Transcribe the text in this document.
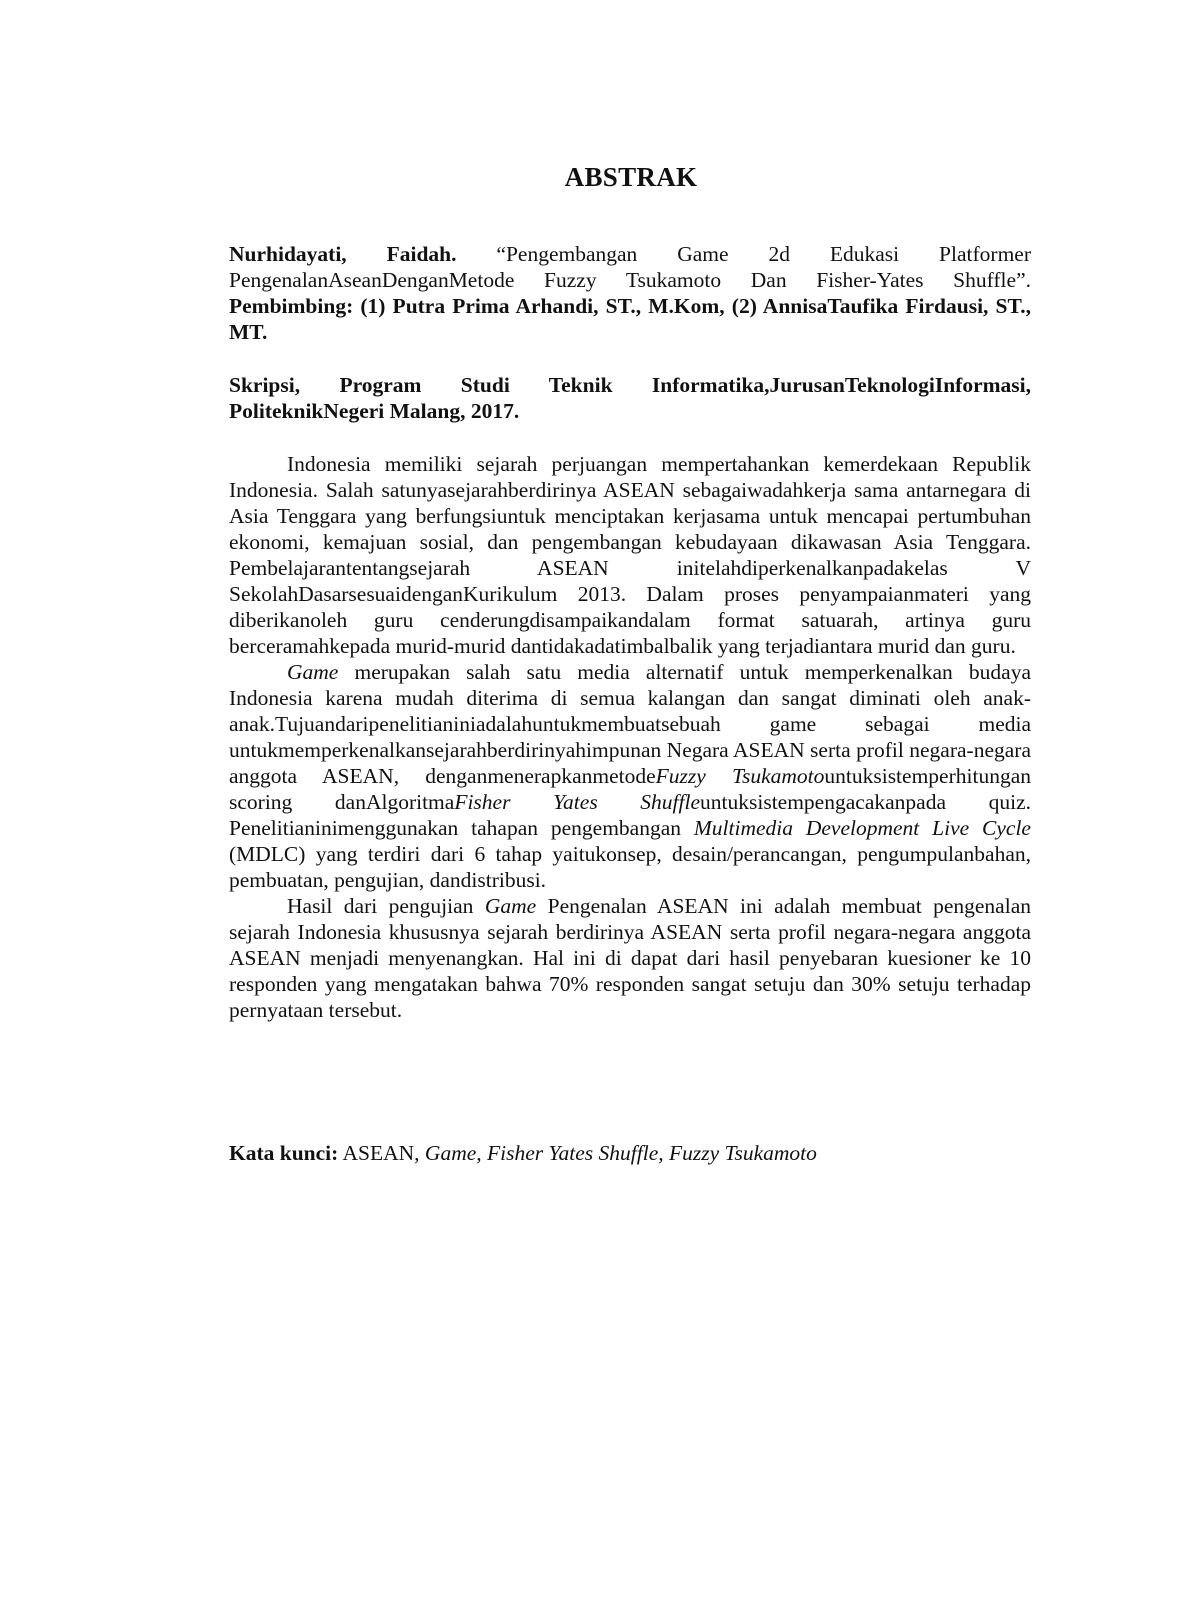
ABSTRAK

Nurhidayati, Faidah. “Pengembangan Game 2d Edukasi Platformer PengenalanAseanDenganMetode Fuzzy Tsukamoto Dan Fisher-Yates Shuffle”. Pembimbing: (1) Putra Prima Arhandi, ST., M.Kom, (2) AnnisaTaufika Firdausi, ST., MT.

Skripsi, Program Studi Teknik Informatika,JurusanTeknologiInformasi, PoliteknikNegeri Malang, 2017.

Indonesia memiliki sejarah perjuangan mempertahankan kemerdekaan Republik Indonesia. Salah satunyasejarahberdirinya ASEAN sebagaiwadahkerja sama antarnegara di Asia Tenggara yang berfungsiuntuk menciptakan kerjasama untuk mencapai pertumbuhan ekonomi, kemajuan sosial, dan pengembangan kebudayaan dikawasan Asia Tenggara. Pembelajarantentangsejarah ASEAN initelahdiperkenalkanpadakelas V SekolahDasarsesuaidenganKurikulum 2013. Dalam proses penyampaianmateri yang diberikanoleh guru cenderungdisampaikandalam format satuarah, artinya guru berceramahkepada murid-murid dantidakadatimbalbalik yang terjadiantara murid dan guru.

Game merupakan salah satu media alternatif untuk memperkenalkan budaya Indonesia karena mudah diterima di semua kalangan dan sangat diminati oleh anak-anak.Tujuandaripenelitianiniadalahuntukmembuatsebuah game sebagai media untukmemperkenalkansejarahberdirinyahimpunan Negara ASEAN serta profil negara-negara anggota ASEAN, denganmenerapkanmetodeFuzzy Tsukamotountuksistemperhitungan scoring danAlgoritmaFisher Yates Shuffleuntuksistempengacakanpada quiz. Penelitianinimenggunakan tahapan pengembangan Multimedia Development Live Cycle (MDLC) yang terdiri dari 6 tahap yaitukonsep, desain/perancangan, pengumpulanbahan, pembuatan, pengujian, dandistribusi.

Hasil dari pengujian Game Pengenalan ASEAN ini adalah membuat pengenalan sejarah Indonesia khususnya sejarah berdirinya ASEAN serta profil negara-negara anggota ASEAN menjadi menyenangkan. Hal ini di dapat dari hasil penyebaran kuesioner ke 10 responden yang mengatakan bahwa 70% responden sangat setuju dan 30% setuju terhadap pernyataan tersebut.

Kata kunci: ASEAN, Game, Fisher Yates Shuffle, Fuzzy Tsukamoto
